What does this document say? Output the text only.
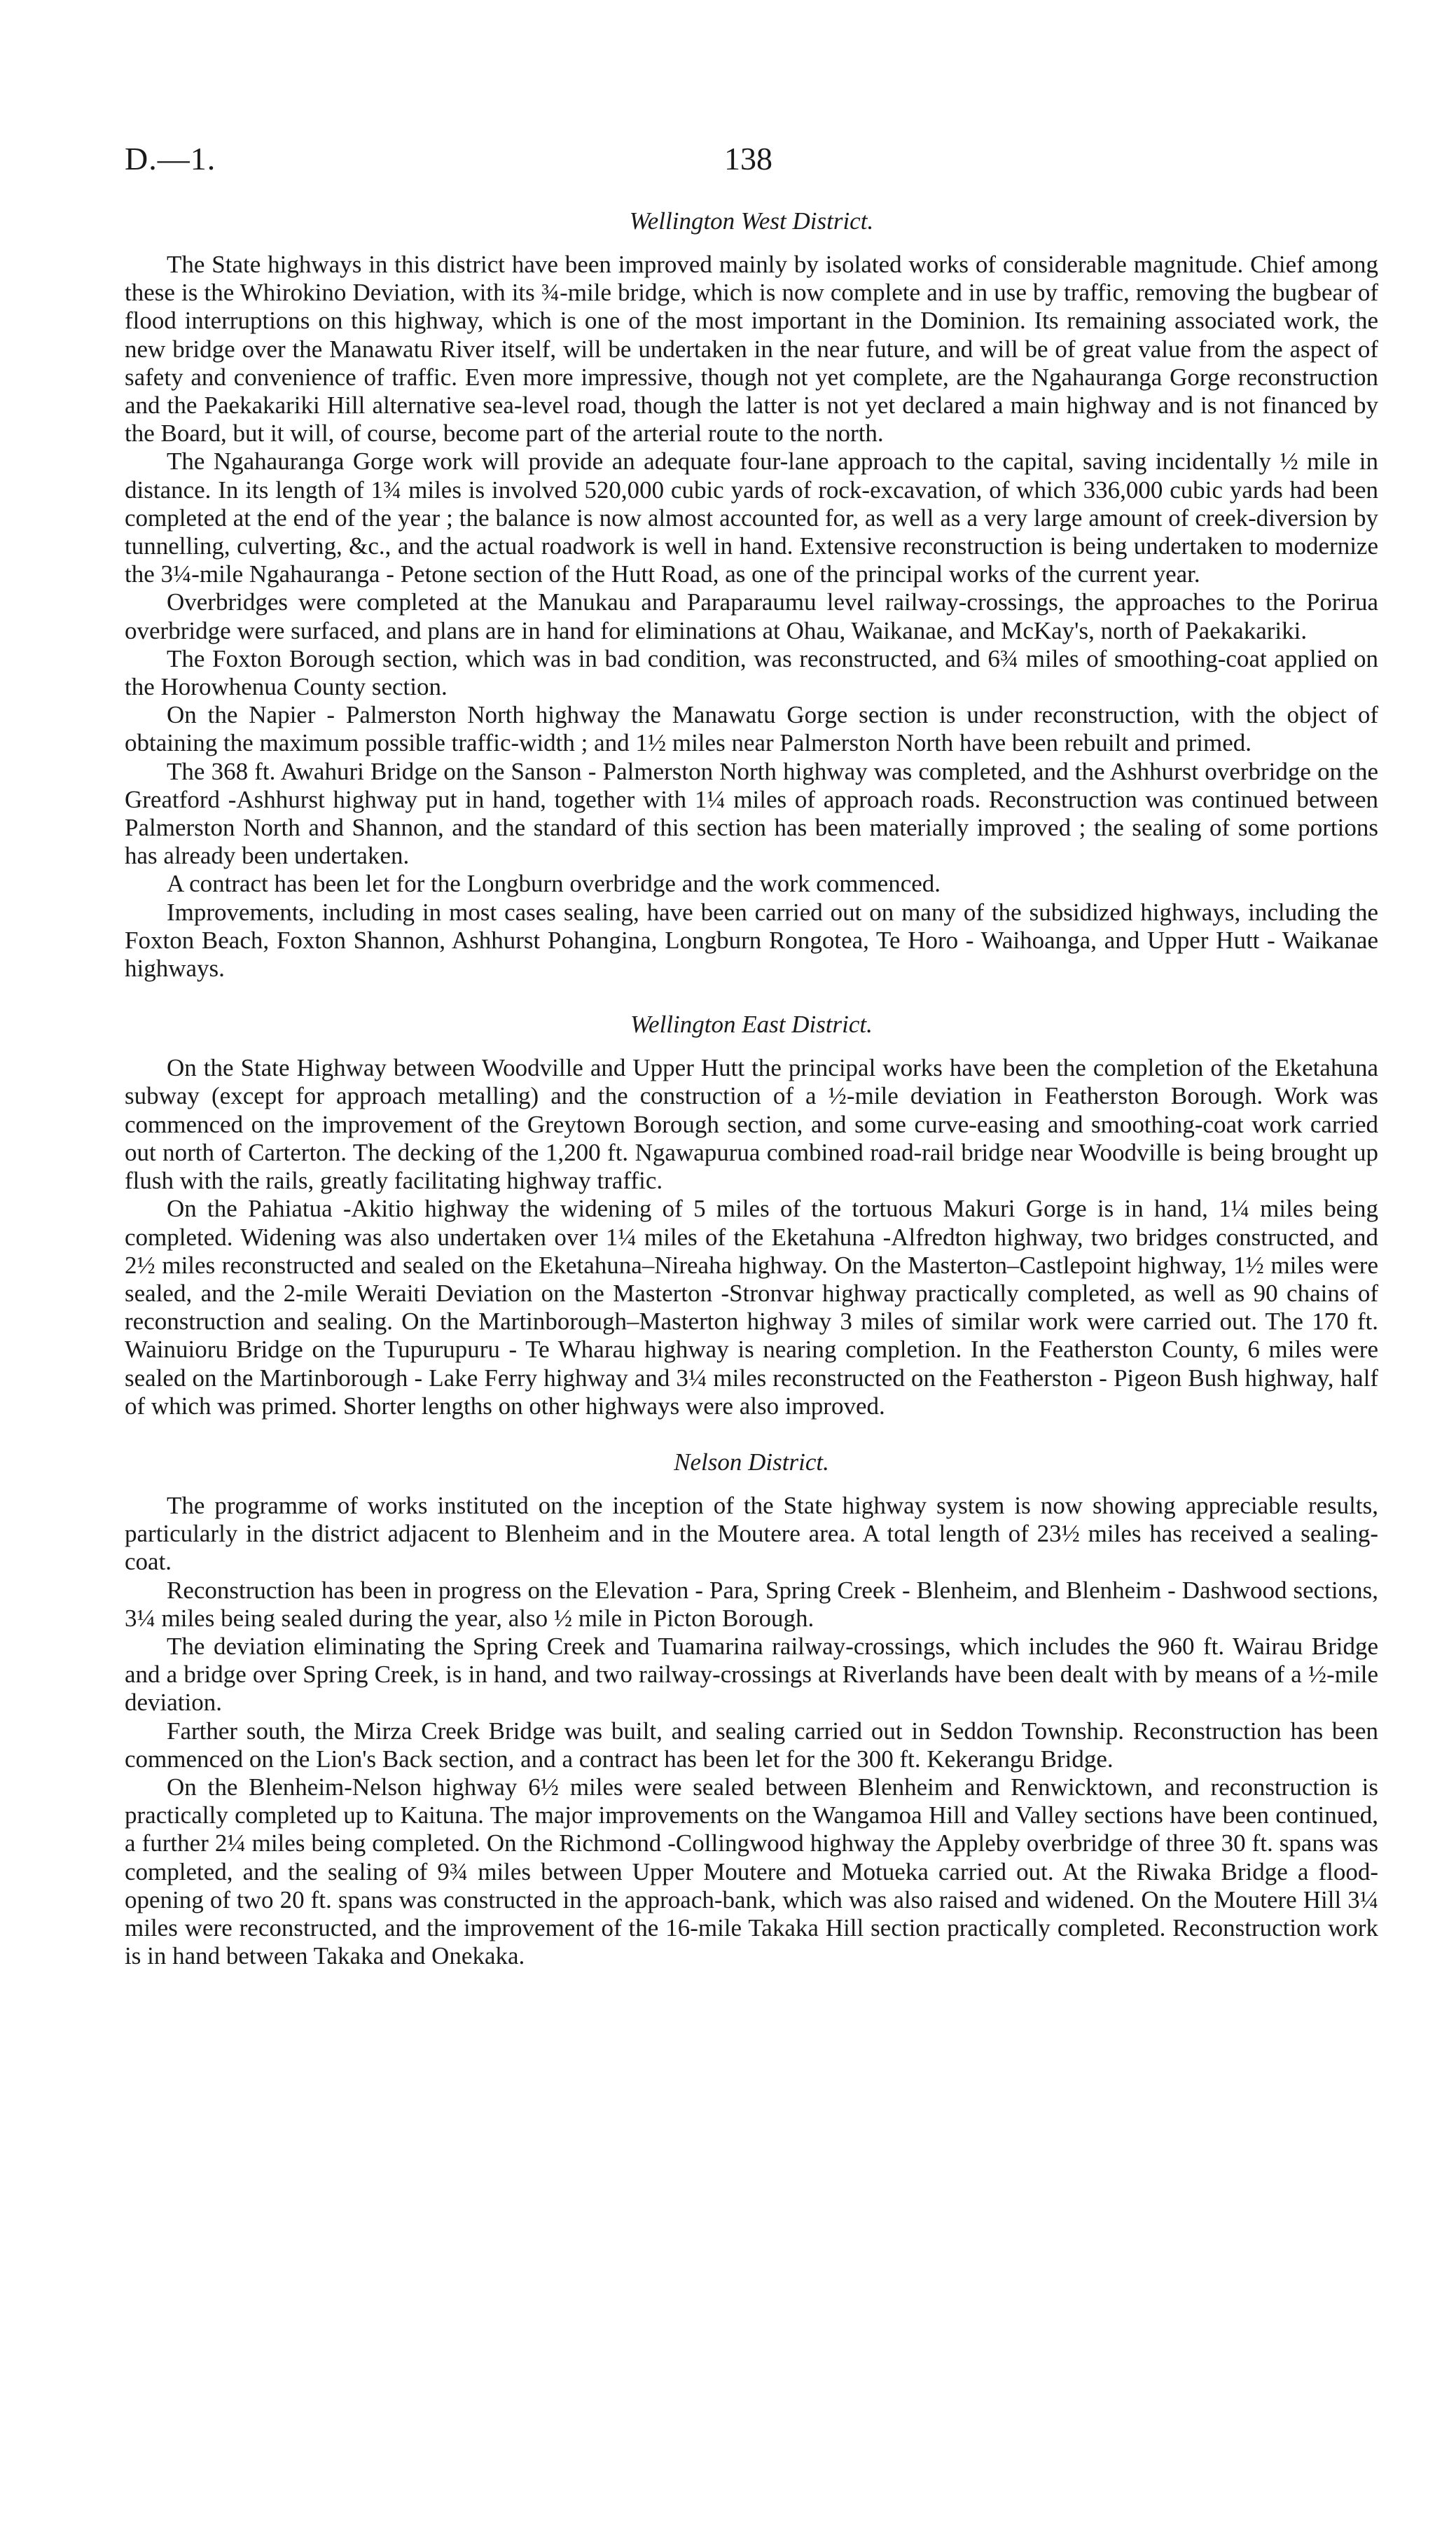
D.—1.	138
Wellington West District.

The State highways in this district have been improved mainly by isolated works of considerable magnitude. Chief among these is the Whirokino Deviation, with its ¾-mile bridge, which is now complete and in use by traffic, removing the bugbear of flood interruptions on this highway, which is one of the most important in the Dominion. Its remaining associated work, the new bridge over the Manawatu River itself, will be undertaken in the near future, and will be of great value from the aspect of safety and convenience of traffic. Even more impressive, though not yet complete, are the Ngahauranga Gorge reconstruction and the Paekakariki Hill alternative sea-level road, though the latter is not yet declared a main highway and is not financed by the Board, but it will, of course, become part of the arterial route to the north.

The Ngahauranga Gorge work will provide an adequate four-lane approach to the capital, saving incidentally ½ mile in distance. In its length of 1¾ miles is involved 520,000 cubic yards of rock-excavation, of which 336,000 cubic yards had been completed at the end of the year ; the balance is now almost accounted for, as well as a very large amount of creek-diversion by tunnelling, culverting, &c., and the actual roadwork is well in hand. Extensive reconstruction is being undertaken to modernize the 3¼-mile Ngahauranga - Petone section of the Hutt Road, as one of the principal works of the current year.

Overbridges were completed at the Manukau and Paraparaumu level railway-crossings, the approaches to the Porirua overbridge were surfaced, and plans are in hand for eliminations at Ohau, Waikanae, and McKay's, north of Paekakariki.

The Foxton Borough section, which was in bad condition, was reconstructed, and 6¾ miles of smoothing-coat applied on the Horowhenua County section.

On the Napier - Palmerston North highway the Manawatu Gorge section is under reconstruction, with the object of obtaining the maximum possible traffic-width ; and 1½ miles near Palmerston North have been rebuilt and primed.

The 368 ft. Awahuri Bridge on the Sanson - Palmerston North highway was completed, and the Ashhurst overbridge on the Greatford -Ashhurst highway put in hand, together with 1¼ miles of approach roads. Reconstruction was continued between Palmerston North and Shannon, and the standard of this section has been materially improved ; the sealing of some portions has already been undertaken.

A contract has been let for the Longburn overbridge and the work commenced.

Improvements, including in most cases sealing, have been carried out on many of the subsidized highways, including the Foxton Beach, Foxton Shannon, Ashhurst Pohangina, Longburn Rongotea, Te Horo - Waihoanga, and Upper Hutt - Waikanae highways.

Wellington East District.

On the State Highway between Woodville and Upper Hutt the principal works have been the completion of the Eketahuna subway (except for approach metalling) and the construction of a ½-mile deviation in Featherston Borough. Work was commenced on the improvement of the Greytown Borough section, and some curve-easing and smoothing-coat work carried out north of Carterton. The decking of the 1,200 ft. Ngawapurua combined road-rail bridge near Woodville is being brought up flush with the rails, greatly facilitating highway traffic.

On the Pahiatua -Akitio highway the widening of 5 miles of the tortuous Makuri Gorge is in hand, 1¼ miles being completed. Widening was also undertaken over 1¼ miles of the Eketahuna -Alfredton highway, two bridges constructed, and 2½ miles reconstructed and sealed on the Eketahuna–Nireaha highway. On the Masterton–Castlepoint highway, 1½ miles were sealed, and the 2-mile Weraiti Deviation on the Masterton -Stronvar highway practically completed, as well as 90 chains of reconstruction and sealing. On the Martinborough–Masterton highway 3 miles of similar work were carried out. The 170 ft. Wainuioru Bridge on the Tupurupuru - Te Wharau highway is nearing completion. In the Featherston County, 6 miles were sealed on the Martinborough - Lake Ferry highway and 3¼ miles reconstructed on the Featherston - Pigeon Bush highway, half of which was primed. Shorter lengths on other highways were also improved.

Nelson District.

The programme of works instituted on the inception of the State highway system is now showing appreciable results, particularly in the district adjacent to Blenheim and in the Moutere area. A total length of 23½ miles has received a sealing-coat.

Reconstruction has been in progress on the Elevation - Para, Spring Creek - Blenheim, and Blenheim - Dashwood sections, 3¼ miles being sealed during the year, also ½ mile in Picton Borough.

The deviation eliminating the Spring Creek and Tuamarina railway-crossings, which includes the 960 ft. Wairau Bridge and a bridge over Spring Creek, is in hand, and two railway-crossings at Riverlands have been dealt with by means of a ½-mile deviation.

Farther south, the Mirza Creek Bridge was built, and sealing carried out in Seddon Township. Reconstruction has been commenced on the Lion's Back section, and a contract has been let for the 300 ft. Kekerangu Bridge.

On the Blenheim-Nelson highway 6½ miles were sealed between Blenheim and Renwicktown, and reconstruction is practically completed up to Kaituna. The major improvements on the Wangamoa Hill and Valley sections have been continued, a further 2¼ miles being completed. On the Richmond -Collingwood highway the Appleby overbridge of three 30 ft. spans was completed, and the sealing of 9¾ miles between Upper Moutere and Motueka carried out. At the Riwaka Bridge a flood-opening of two 20 ft. spans was constructed in the approach-bank, which was also raised and widened. On the Moutere Hill 3¼ miles were reconstructed, and the improvement of the 16-mile Takaka Hill section practically completed. Reconstruction work is in hand between Takaka and Onekaka.
